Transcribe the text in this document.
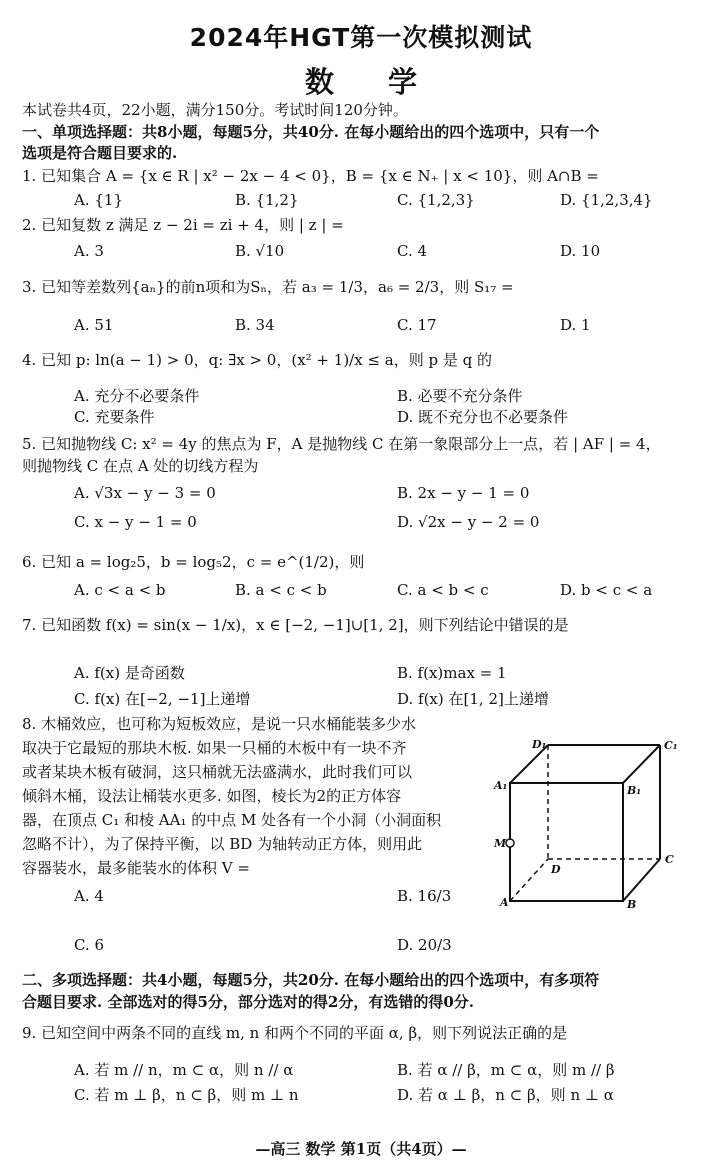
2024年HGT第一次模拟测试
数 学
本试卷共4页，22小题，满分150分。考试时间120分钟。
一、单项选择题：共8小题，每题5分，共40分. 在每小题给出的四个选项中，只有一个
选项是符合题目要求的.
1. 已知集合 A = {x ∈ R | x² − 2x − 4 < 0}，B = {x ∈ N₊ | x < 10}，则 A∩B =
A. {1}	B. {1,2}	C. {1,2,3}	D. {1,2,3,4}
2. 已知复数 z 满足 z − 2i = zi + 4，则 | z | =
A. 3	B. √10	C. 4	D. 10
3. 已知等差数列{aₙ}的前n项和为Sₙ，若 a₃ = 1/3，a₆ = 2/3，则 S₁₇ =
A. 51	B. 34	C. 17	D. 1
4. 已知 p: ln(a − 1) > 0，q: ∃x > 0，(x² + 1)/x ≤ a，则 p 是 q 的
A. 充分不必要条件	B. 必要不充分条件
C. 充要条件	D. 既不充分也不必要条件
5. 已知抛物线 C: x² = 4y 的焦点为 F，A 是抛物线 C 在第一象限部分上一点，若 | AF | = 4，
则抛物线 C 在点 A 处的切线方程为
A. √3x − y − 3 = 0	B. 2x − y − 1 = 0
C. x − y − 1 = 0	D. √2x − y − 2 = 0
6. 已知 a = log₂5，b = log₅2，c = e^(1/2)，则
A. c < a < b	B. a < c < b	C. a < b < c	D. b < c < a
7. 已知函数 f(x) = sin(x − 1/x)，x ∈ [−2, −1]∪[1, 2]，则下列结论中错误的是
A. f(x) 是奇函数	B. f(x)max = 1
C. f(x) 在[−2, −1]上递增	D. f(x) 在[1, 2]上递增
8. 木桶效应，也可称为短板效应，是说一只水桶能装多少水
取决于它最短的那块木板. 如果一只桶的木板中有一块不齐
或者某块木板有破洞，这只桶就无法盛满水，此时我们可以
倾斜木桶，设法让桶装水更多. 如图，棱长为2的正方体容
器，在顶点 C₁ 和棱 AA₁ 的中点 M 处各有一个小洞（小洞面积
忽略不计），为了保持平衡，以 BD 为轴转动正方体，则用此
容器装水，最多能装水的体积 V =
D₁	C₁
A₁	B₁
M
D
C
A	B
A. 4	B. 16/3
C. 6	D. 20/3
二、多项选择题：共4小题，每题5分，共20分. 在每小题给出的四个选项中，有多项符
合题目要求. 全部选对的得5分，部分选对的得2分，有选错的得0分.
9. 已知空间中两条不同的直线 m, n 和两个不同的平面 α, β，则下列说法正确的是
A. 若 m // n，m ⊂ α，则 n // α	B. 若 α // β，m ⊂ α，则 m // β
C. 若 m ⊥ β，n ⊂ β，则 m ⊥ n	D. 若 α ⊥ β，n ⊂ β，则 n ⊥ α
—高三 数学 第1页（共4页）—
